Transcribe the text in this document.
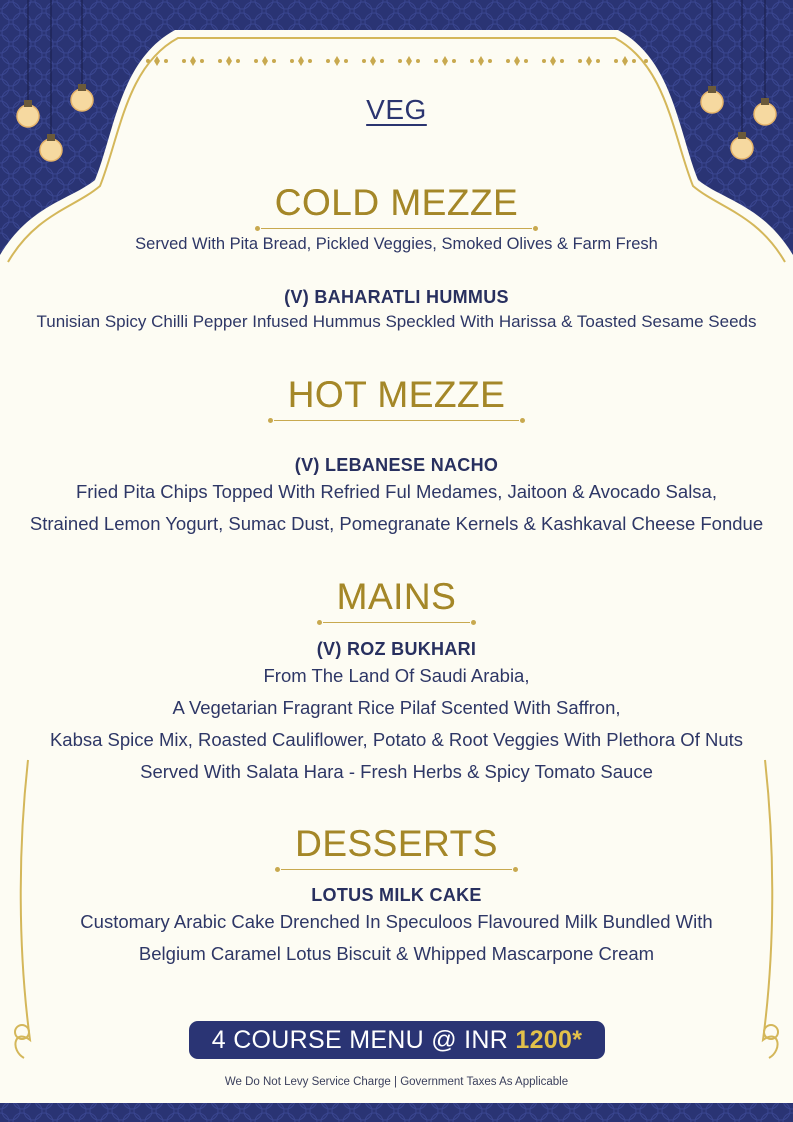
VEG
COLD MEZZE
Served With Pita Bread, Pickled Veggies, Smoked Olives & Farm Fresh
(V) BAHARATLI HUMMUS
Tunisian Spicy Chilli Pepper Infused Hummus Speckled With Harissa & Toasted Sesame Seeds
HOT MEZZE
(V) LEBANESE NACHO
Fried Pita Chips Topped With Refried Ful Medames, Jaitoon & Avocado Salsa,
Strained Lemon Yogurt, Sumac Dust, Pomegranate Kernels & Kashkaval Cheese Fondue
MAINS
(V) ROZ BUKHARI
From The Land Of Saudi Arabia,
A Vegetarian Fragrant Rice Pilaf Scented With Saffron,
Kabsa Spice Mix, Roasted Cauliflower, Potato & Root Veggies With Plethora Of Nuts
Served With Salata Hara - Fresh Herbs & Spicy Tomato Sauce
DESSERTS
LOTUS MILK CAKE
Customary Arabic Cake Drenched In Speculoos Flavoured Milk Bundled With
Belgium Caramel Lotus Biscuit & Whipped Mascarpone Cream
4 COURSE MENU @ INR 1200*
We Do Not Levy Service Charge | Government Taxes As Applicable
